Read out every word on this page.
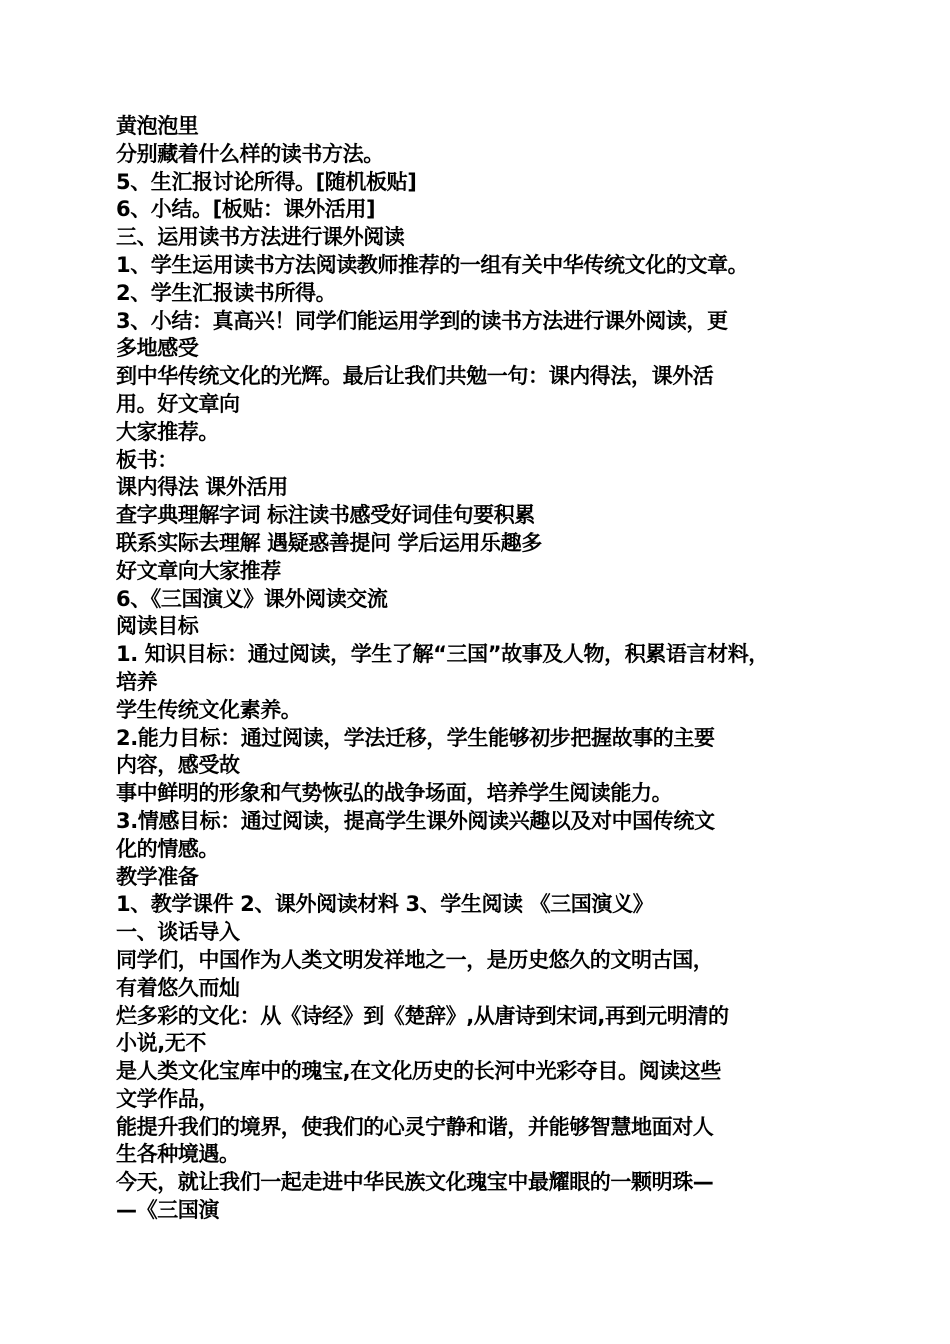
黄泡泡里
分别藏着什么样的读书方法。
5、生汇报讨论所得。[随机板贴]
6、小结。[板贴：课外活用]
三、运用读书方法进行课外阅读
1、学生运用读书方法阅读教师推荐的一组有关中华传统文化的文章。
2、学生汇报读书所得。
3、小结：真高兴！同学们能运用学到的读书方法进行课外阅读，更
多地感受
到中华传统文化的光辉。最后让我们共勉一句：课内得法，课外活
用。好文章向
大家推荐。
板书：
课内得法 课外活用
查字典理解字词 标注读书感受好词佳句要积累
联系实际去理解 遇疑惑善提问 学后运用乐趣多
好文章向大家推荐
6、《三国演义》课外阅读交流
阅读目标
1. 知识目标：通过阅读，学生了解“三国”故事及人物，积累语言材料，
培养
学生传统文化素养。
2.能力目标：通过阅读，学法迁移，学生能够初步把握故事的主要
内容，感受故
事中鲜明的形象和气势恢弘的战争场面，培养学生阅读能力。
3.情感目标：通过阅读，提高学生课外阅读兴趣以及对中国传统文
化的情感。
教学准备
1、教学课件 2、课外阅读材料 3、学生阅读 《三国演义》
一、谈话导入
同学们，中国作为人类文明发祥地之一，是历史悠久的文明古国，
有着悠久而灿
烂多彩的文化：从《诗经》到《楚辞》,从唐诗到宋词,再到元明清的
小说,无不
是人类文化宝库中的瑰宝,在文化历史的长河中光彩夺目。阅读这些
文学作品，
能提升我们的境界，使我们的心灵宁静和谐，并能够智慧地面对人
生各种境遇。
今天，就让我们一起走进中华民族文化瑰宝中最耀眼的一颗明珠—
—《三国演
